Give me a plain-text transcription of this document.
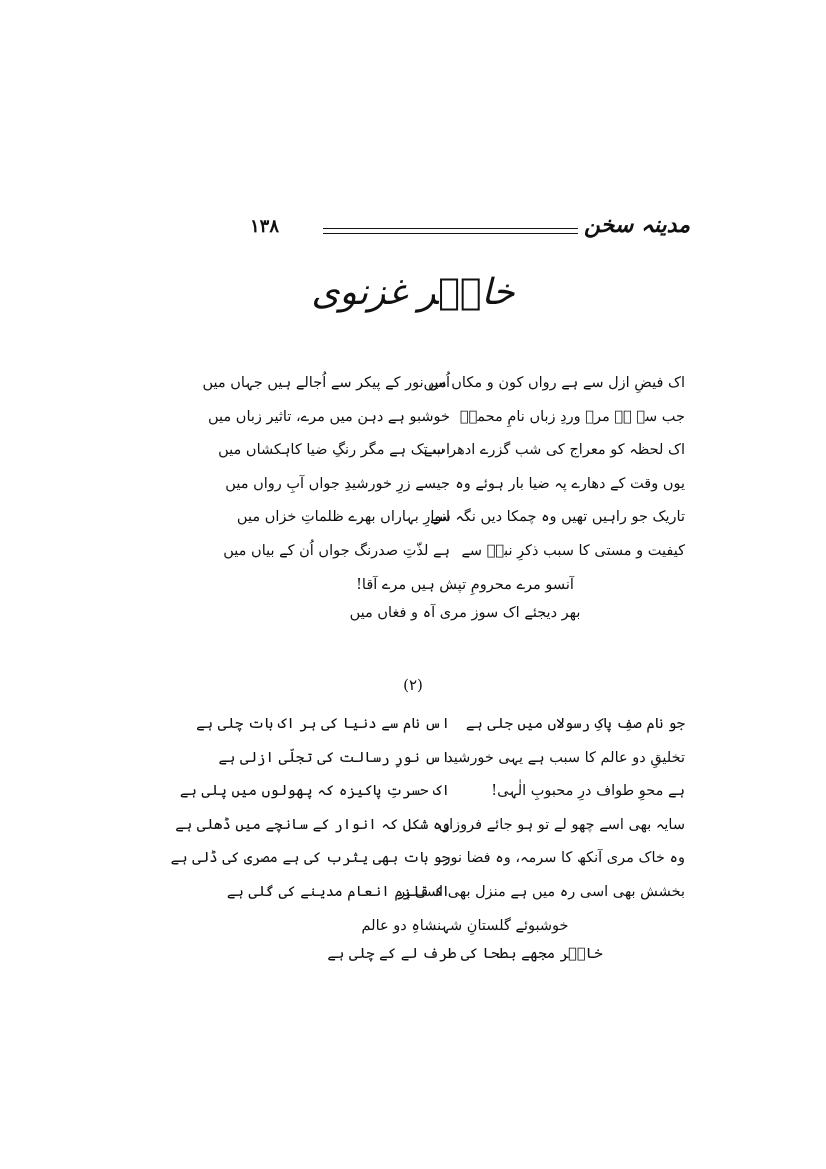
مدینہ سخن
۱۳۸
خاطؔر غزنوی
اک فیضِ ازل سے ہے رواں کون و مکاں میں
اُس نور کے پیکر سے اُجالے ہیں جہاں میں
جب سے ہے مرے وردِ زباں نامِ محمدؐ
خوشبو ہے دہن میں مرے، تاثیر زباں میں
اک لحظہ کو معراج کی شب گزرے ادھر سے
اب تک ہے مگر رنگِ ضیا کاہکشاں میں
یوں وقت کے دھارے پہ ضیا بار ہوئے وہ
جیسے زرِ خورشیدِ جواں آبِ رواں میں
تاریک جو راہیں تھیں وہ چمکا دیں نگہ سے
انوارِ بہاراں بھرے ظلماتِ خزاں میں
کیفیت و مستی کا سبب ذکرِ نبیؐ سے
ہے لذّتِ صدرنگ جواں اُن کے بیاں میں
آنسو مرے محرومِ تپش ہیں مرے آقا!
بھر دیجئے اک سوز مری آہ و فغاں میں
(۲)
جو نام صفِ پاکِ رسولاں میں جلی ہے
اس نام سے دنیا کی ہر اک بات چلی ہے
تخلیقِ دو عالم کا سبب ہے یہی خورشید
اس نورِ رسالت کی تجلّی ازلی ہے
ہے محوِ طواف درِ محبوبِ الٰہی!
اک حسرتِ پاکیزہ کہ پھولوں میں پلی ہے
سایہ بھی اسے چھو لے تو ہو جائے فروزاں
وہ شکل کہ انوار کے سانچے میں ڈھلی ہے
وہ خاک مری آنکھ کا سرمہ، وہ فضا نور
جو بات بھی یثرب کی ہے مصری کی ڈلی ہے
بخشش بھی اسی رہ میں ہے منزل بھی اسی پر
اک قلزمِ انعام مدینے کی گلی ہے
خوشبوئے گلستانِ شہنشاہِ دو عالم
خاطؔر مجھے بطحا کی طرف لے کے چلی ہے
